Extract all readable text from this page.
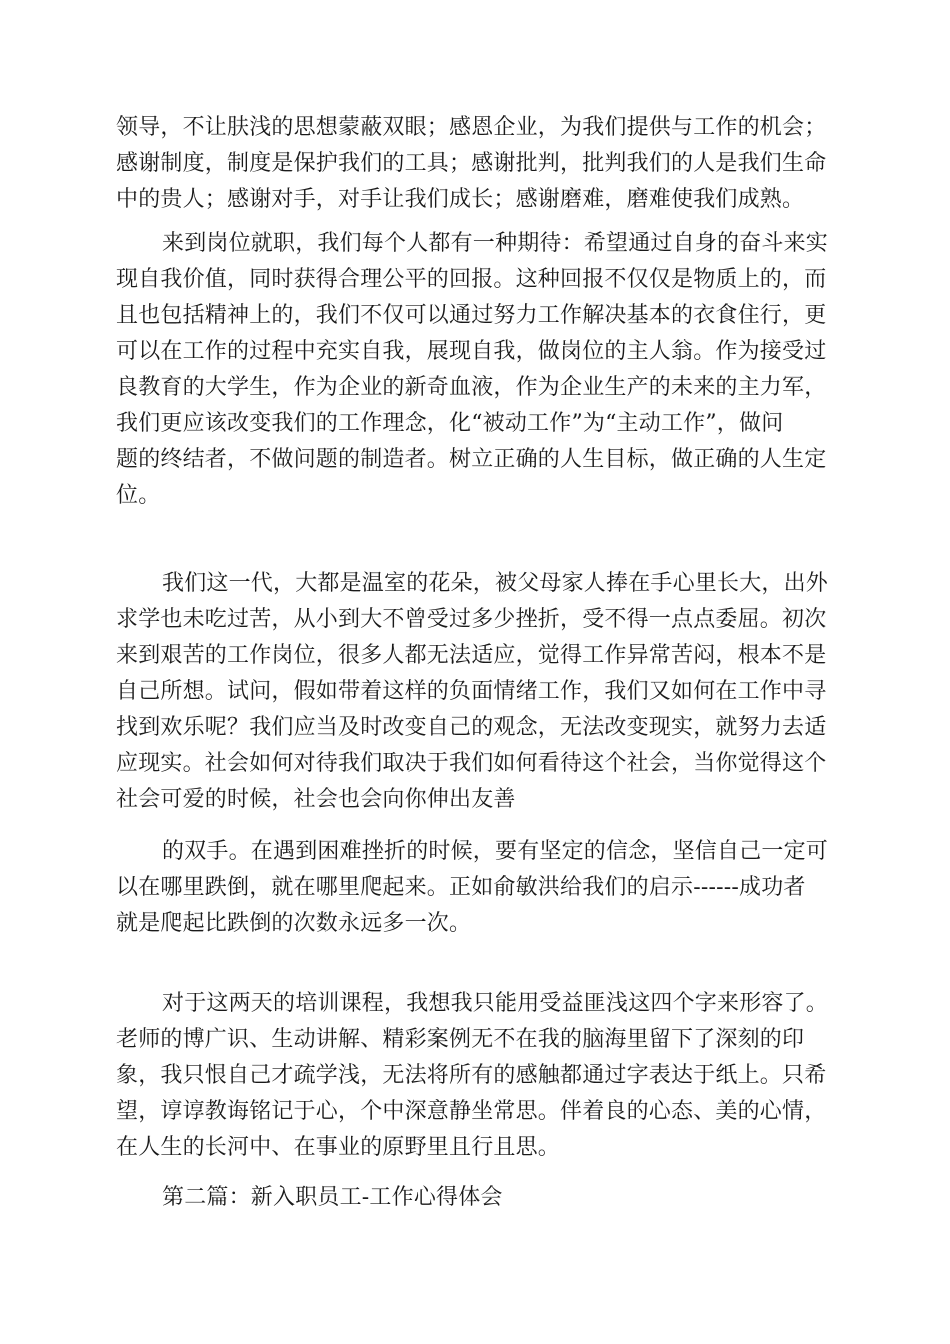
领导，不让肤浅的思想蒙蔽双眼；感恩企业，为我们提供与工作的机会；
感谢制度，制度是保护我们的工具；感谢批判，批判我们的人是我们生命
中的贵人；感谢对手，对手让我们成长；感谢磨难，磨难使我们成熟。
来到岗位就职，我们每个人都有一种期待：希望通过自身的奋斗来实
现自我价值，同时获得合理公平的回报。这种回报不仅仅是物质上的，而
且也包括精神上的，我们不仅可以通过努力工作解决基本的衣食住行，更
可以在工作的过程中充实自我，展现自我，做岗位的主人翁。作为接受过
良教育的大学生，作为企业的新奇血液，作为企业生产的未来的主力军，
我们更应该改变我们的工作理念，化“被动工作”为“主动工作”，做问
题的终结者，不做问题的制造者。树立正确的人生目标，做正确的人生定
位。
我们这一代，大都是温室的花朵，被父母家人捧在手心里长大，出外
求学也未吃过苦，从小到大不曾受过多少挫折，受不得一点点委屈。初次
来到艰苦的工作岗位，很多人都无法适应，觉得工作异常苦闷，根本不是
自己所想。试问，假如带着这样的负面情绪工作，我们又如何在工作中寻
找到欢乐呢？我们应当及时改变自己的观念，无法改变现实，就努力去适
应现实。社会如何对待我们取决于我们如何看待这个社会，当你觉得这个
社会可爱的时候，社会也会向你伸出友善
的双手。在遇到困难挫折的时候，要有坚定的信念，坚信自己一定可
以在哪里跌倒，就在哪里爬起来。正如俞敏洪给我们的启示------成功者
就是爬起比跌倒的次数永远多一次。
对于这两天的培训课程，我想我只能用受益匪浅这四个字来形容了。
老师的博广识、生动讲解、精彩案例无不在我的脑海里留下了深刻的印
象，我只恨自己才疏学浅，无法将所有的感触都通过字表达于纸上。只希
望，谆谆教诲铭记于心，个中深意静坐常思。伴着良的心态、美的心情，
在人生的长河中、在事业的原野里且行且思。
第二篇：新入职员工-工作心得体会
